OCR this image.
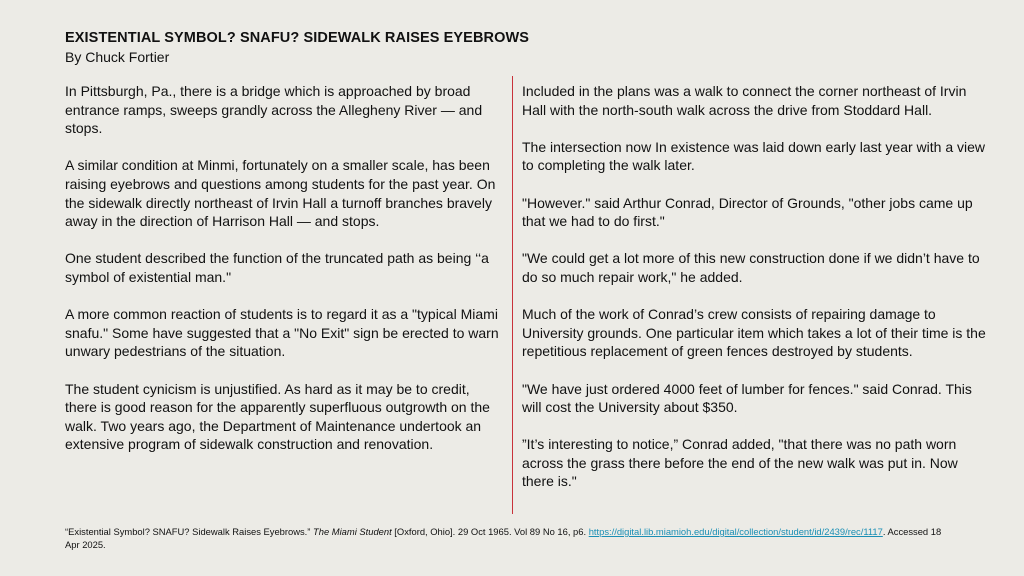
EXISTENTIAL SYMBOL? SNAFU? SIDEWALK RAISES EYEBROWS
By Chuck Fortier

In Pittsburgh, Pa., there is a bridge which is approached by broad entrance ramps, sweeps grandly across the Allegheny River — and stops.

A similar condition at Minmi, fortunately on a smaller scale, has been raising eyebrows and questions among students for the past year. On the sidewalk directly northeast of Irvin Hall a turnoff branches bravely away in the direction of Harrison Hall — and stops.

One student described the function of the truncated path as being ‘‘a symbol of existential man."

A more common reaction of students is to regard it as a "typical Miami snafu." Some have suggested that a "No Exit" sign be erected to warn unwary pedestrians of the situation.

The student cynicism is unjustified. As hard as it may be to credit, there is good reason for the apparently superfluous outgrowth on the walk. Two years ago, the Department of Maintenance undertook an extensive program of sidewalk construction and renovation.

Included in the plans was a walk to connect the corner northeast of Irvin Hall with the north-south walk across the drive from Stoddard Hall.

The intersection now In existence was laid down early last year with a view to completing the walk later.

"However." said Arthur Conrad, Director of Grounds, "other jobs came up that we had to do first."

"We could get a lot more of this new construction done if we didn’t have to do so much repair work," he added.

Much of the work of Conrad’s crew consists of repairing damage to University grounds. One particular item which takes a lot of their time is the repetitious replacement of green fences destroyed by students.

"We have just ordered 4000 feet of lumber for fences." said Conrad. This will cost the University about $350.

”It’s interesting to notice,” Conrad added, "that there was no path worn across the grass there before the end of the new walk was put in. Now there is."

“Existential Symbol? SNAFU? Sidewalk Raises Eyebrows.” The Miami Student [Oxford, Ohio]. 29 Oct 1965. Vol 89 No 16, p6. https://digital.lib.miamioh.edu/digital/collection/student/id/2439/rec/1117. Accessed 18 Apr 2025.
